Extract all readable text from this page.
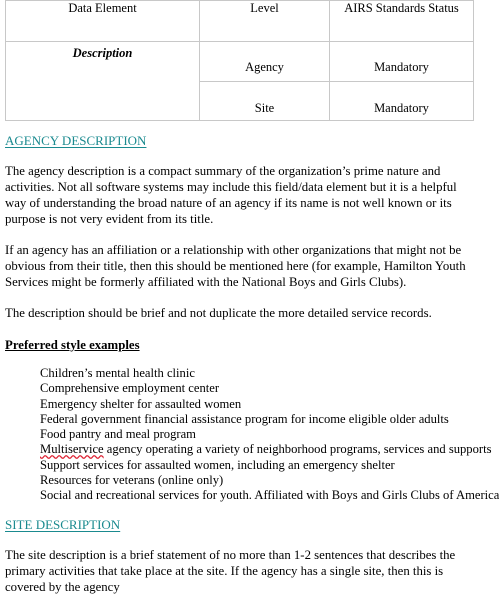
Data Element	Level	AIRS Standards Status

Description	Agency	Mandatory

	Site	Mandatory
AGENCY DESCRIPTION

The agency description is a compact summary of the organization’s prime nature and activities. Not all software systems may include this field/data element but it is a helpful way of understanding the broad nature of an agency if its name is not well known or its purpose is not very evident from its title.

If an agency has an affiliation or a relationship with other organizations that might not be obvious from their title, then this should be mentioned here (for example, Hamilton Youth Services might be formerly affiliated with the National Boys and Girls Clubs).

The description should be brief and not duplicate the more detailed service records.

Preferred style examples
Children’s mental health clinic
Comprehensive employment center
Emergency shelter for assaulted women
Federal government financial assistance program for income eligible older adults
Food pantry and meal program
Multiservice agency operating a variety of neighborhood programs, services and supports
Support services for assaulted women, including an emergency shelter
Resources for veterans (online only)
Social and recreational services for youth. Affiliated with Boys and Girls Clubs of America
SITE DESCRIPTION

The site description is a brief statement of no more than 1-2 sentences that describes the primary activities that take place at the site. If the agency has a single site, then this is covered by the agency
